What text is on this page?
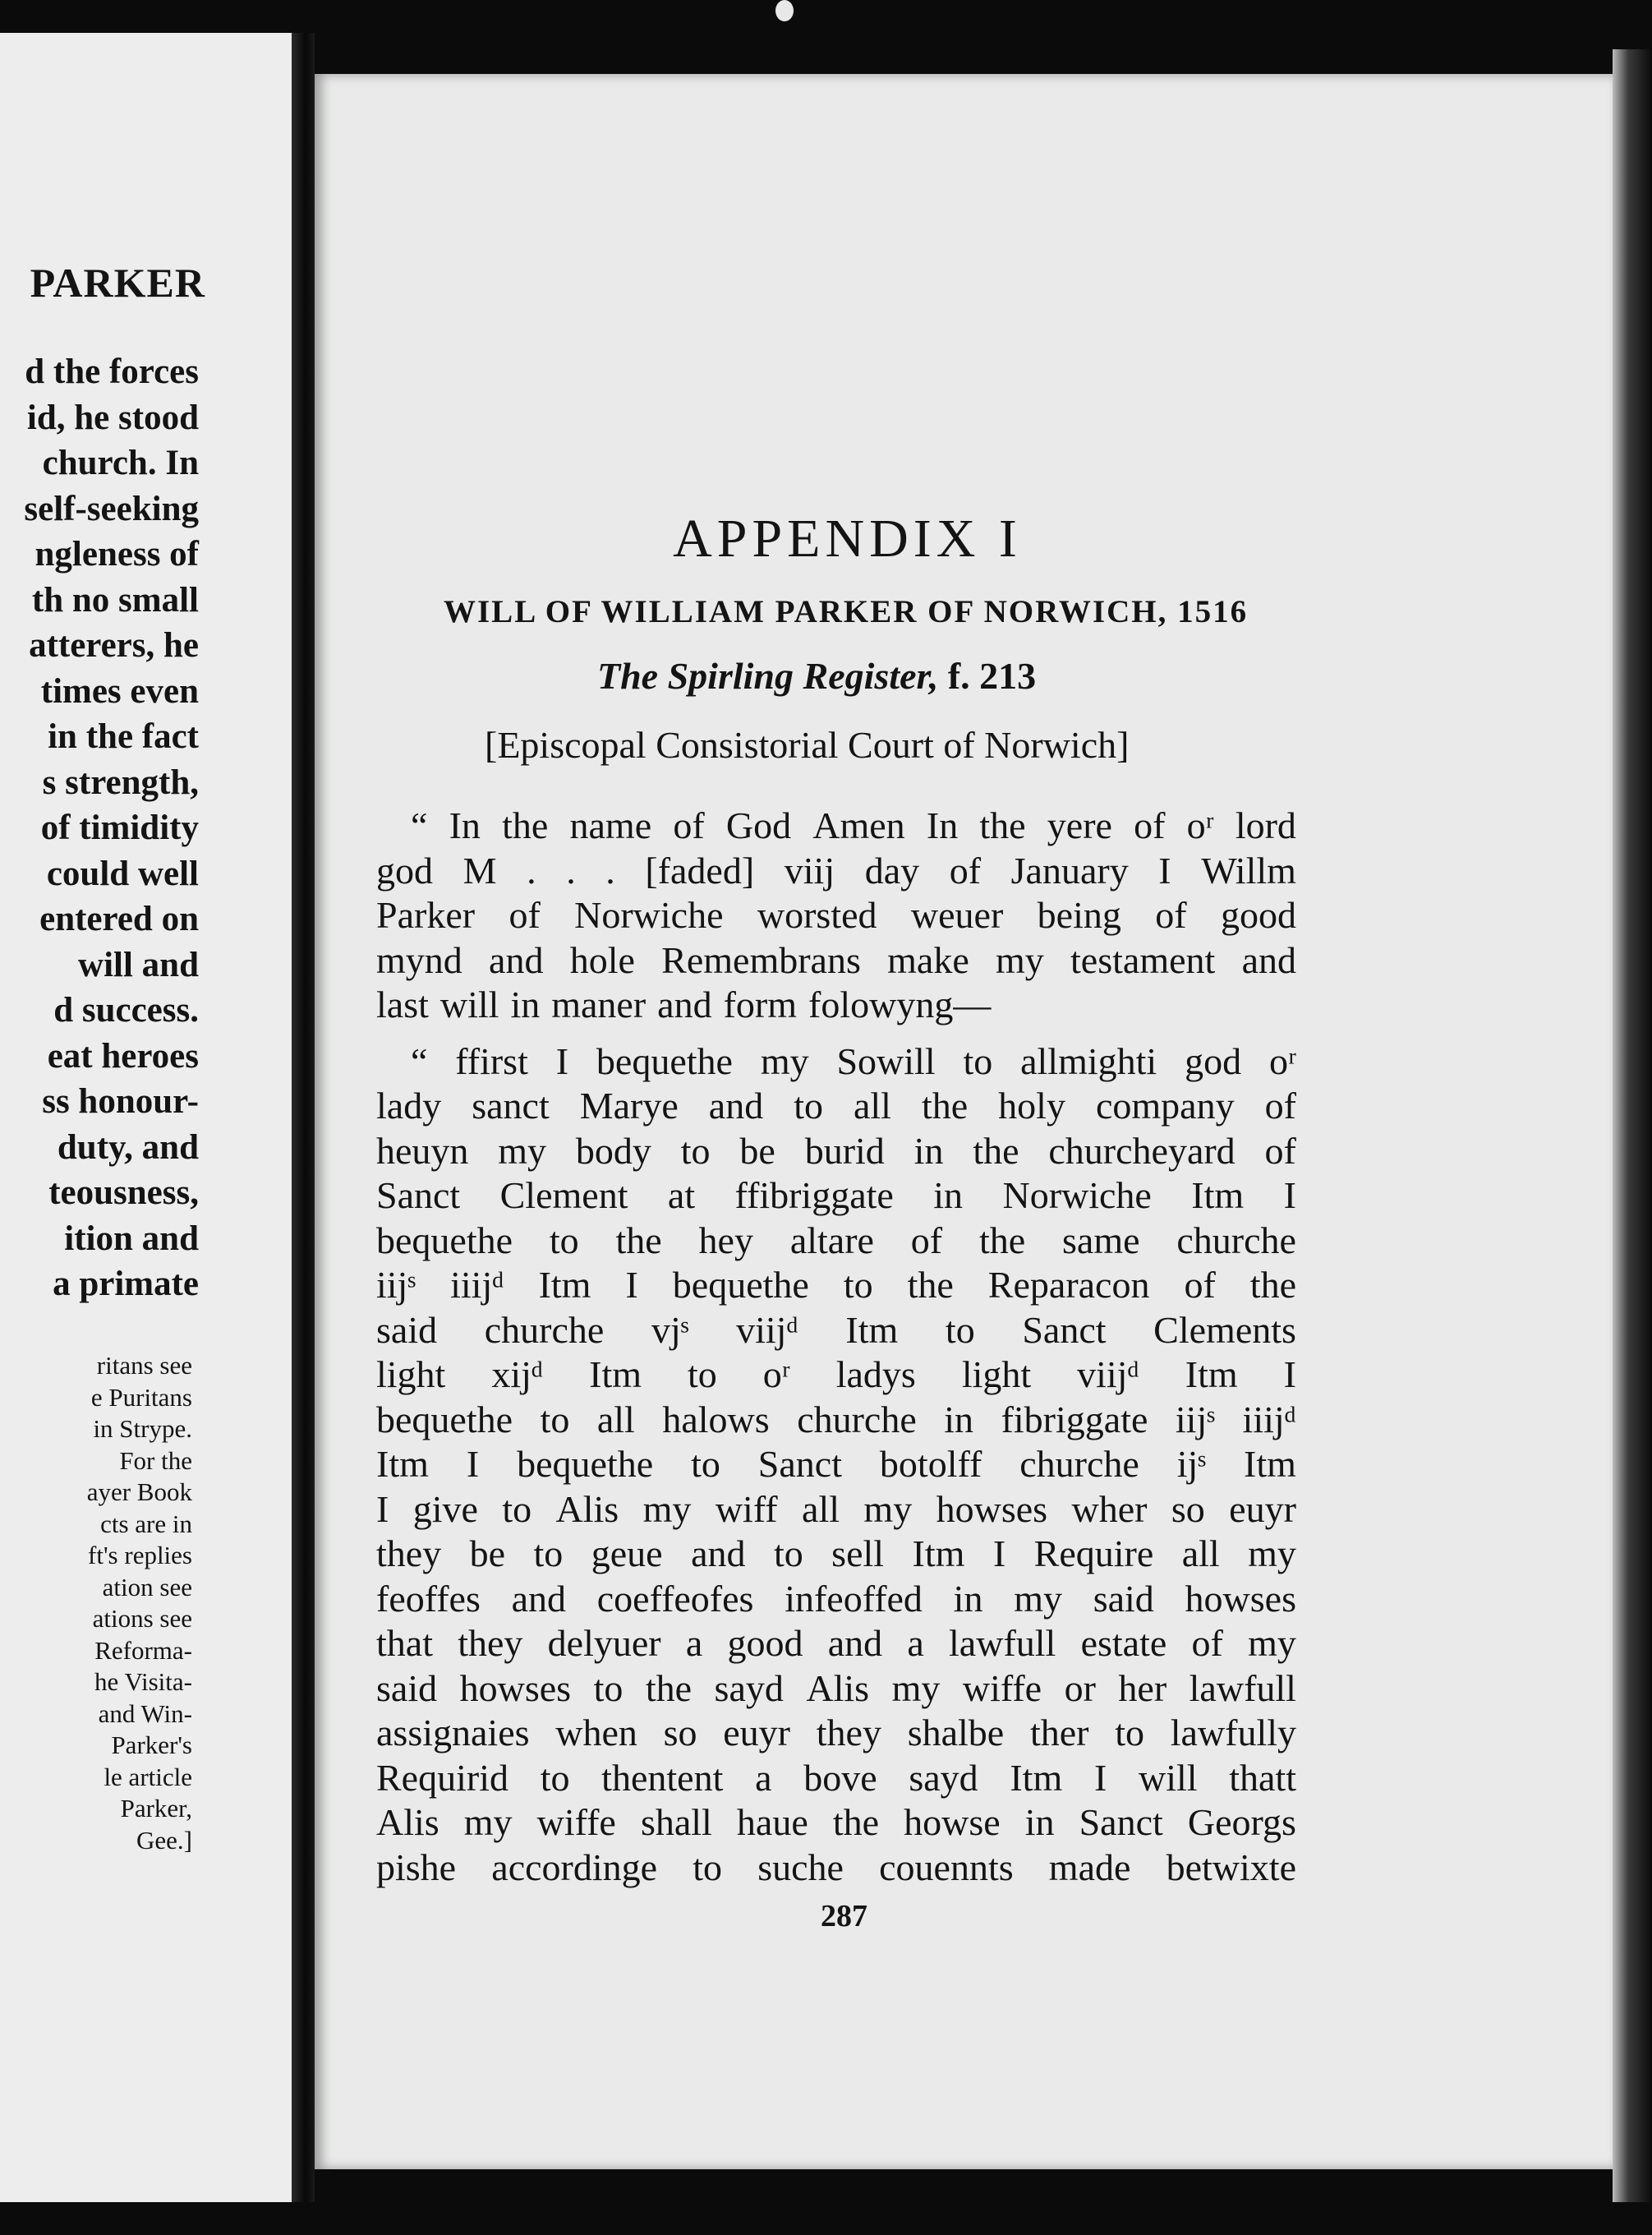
PARKER
d the forces
id, he stood
church. In
self-seeking
ngleness of
th no small
atterers, he
times even
in the fact
s strength,
of timidity
could well
entered on
will and
d success.
eat heroes
ss honour-
duty, and
teousness,
ition and
a primate
ritans see
e Puritans
in Strype.
For the
ayer Book
cts are in
ft's replies
ation see
ations see
Reforma-
he Visita-
and Win-
Parker's
le article
Parker,
Gee.]
APPENDIX I
WILL OF WILLIAM PARKER OF NORWICH, 1516
The Spirling Register, f. 213
[Episcopal Consistorial Court of Norwich]
“ In the name of God Amen In the yere of oʳ lord
god M . . . [faded] viij day of January I Willm
Parker of Norwiche worsted weuer being of good
mynd and hole Remembrans make my testament and
last will in maner and form folowyng—
“ ffirst I bequethe my Sowill to allmighti god oʳ
lady sanct Marye and to all the holy company of
heuyn my body to be burid in the churcheyard of
Sanct Clement at ffibriggate in Norwiche Itm I
bequethe to the hey altare of the same churche
iijˢ iiijᵈ Itm I bequethe to the Reparacon of the
said churche vjˢ viijᵈ Itm to Sanct Clements
light xijᵈ Itm to oʳ ladys light viijᵈ Itm I
bequethe to all halows churche in fibriggate iijˢ iiijᵈ
Itm I bequethe to Sanct botolff churche ijˢ Itm
I give to Alis my wiff all my howses wher so euyr
they be to geue and to sell Itm I Require all my
feoffes and coeffeofes infeoffed in my said howses
that they delyuer a good and a lawfull estate of my
said howses to the sayd Alis my wiffe or her lawfull
assignaies when so euyr they shalbe ther to lawfully
Requirid to thentent a bove sayd Itm I will thatt
Alis my wiffe shall haue the howse in Sanct Georgs
pishe accordinge to suche couennts made betwixte
287
